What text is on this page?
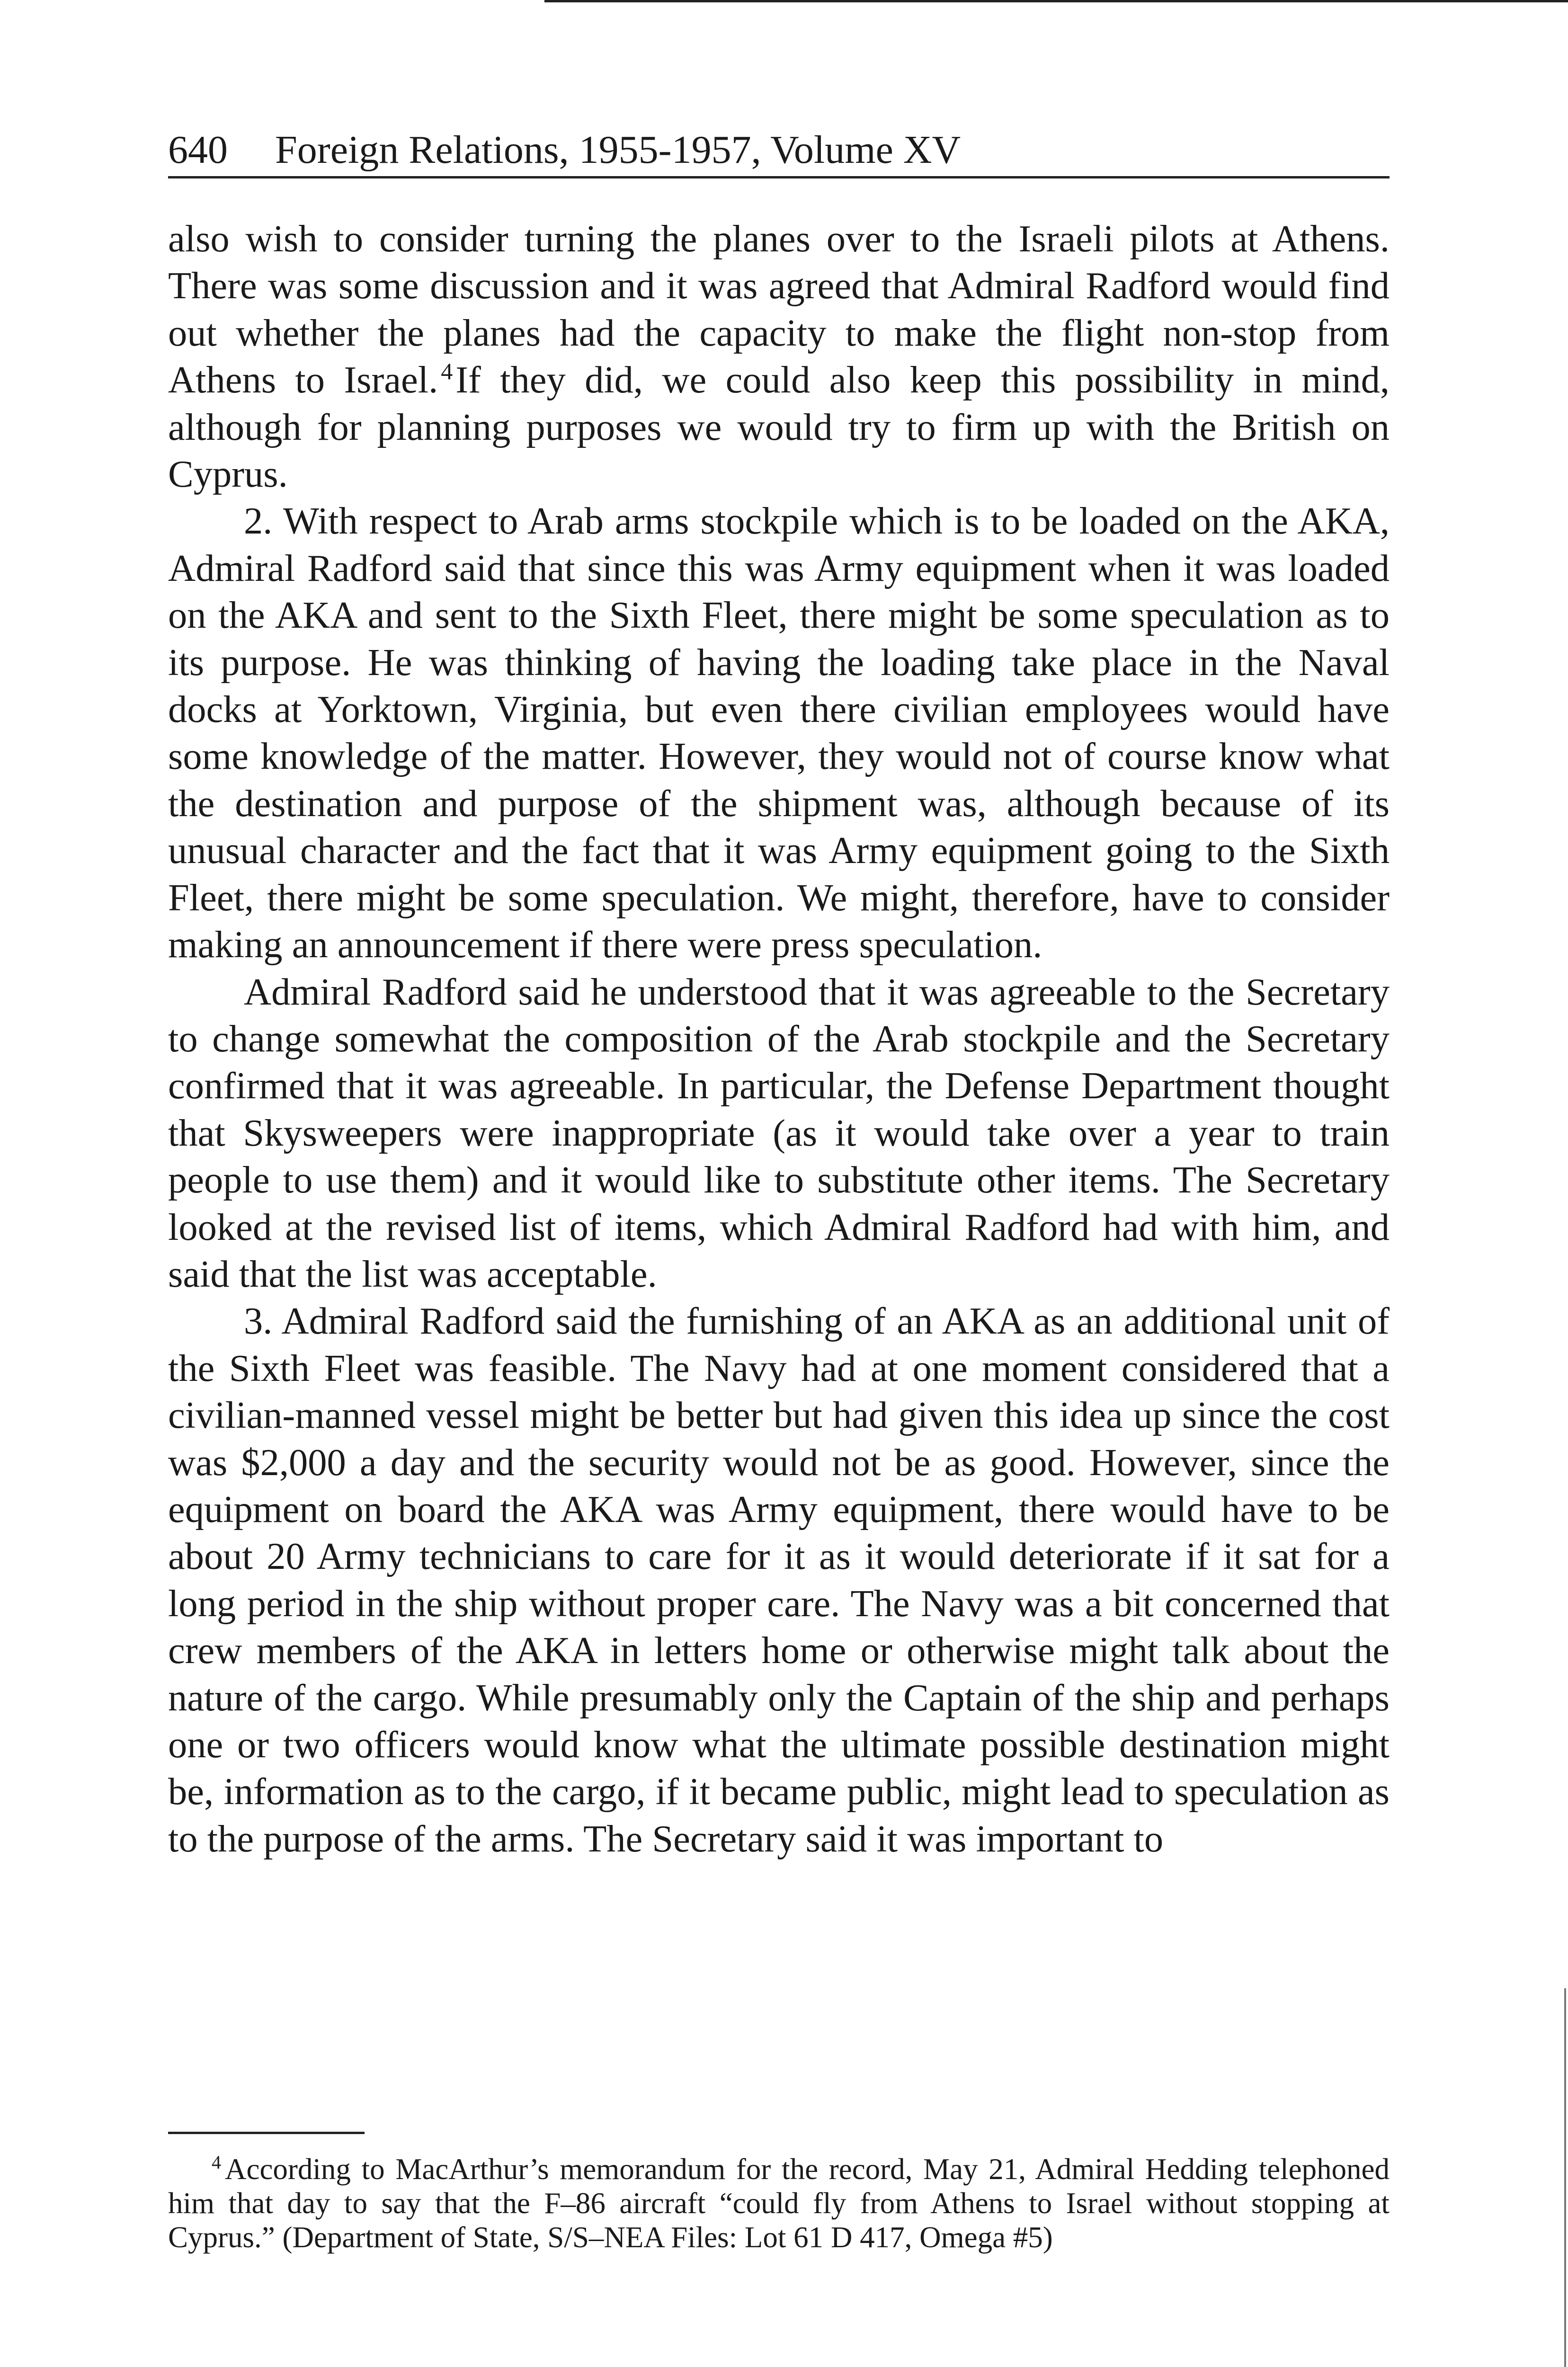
640 Foreign Relations, 1955-1957, Volume XV

also wish to consider turning the planes over to the Israeli pilots at Athens. There was some discussion and it was agreed that Admiral Radford would find out whether the planes had the capacity to make the flight non-stop from Athens to Israel. $^4$If they did, we could also keep this possibility in mind, although for planning purposes we would try to firm up with the British on Cyprus.

2. With respect to Arab arms stockpile which is to be loaded on the AKA, Admiral Radford said that since this was Army equipment when it was loaded on the AKA and sent to the Sixth Fleet, there might be some speculation as to its purpose. He was thinking of having the loading take place in the Naval docks at Yorktown, Virginia, but even there civilian employees would have some knowledge of the matter. However, they would not of course know what the destination and purpose of the shipment was, although because of its unusual character and the fact that it was Army equipment going to the Sixth Fleet, there might be some speculation. We might, therefore, have to consider making an announcement if there were press speculation.

Admiral Radford said he understood that it was agreeable to the Secretary to change somewhat the composition of the Arab stockpile and the Secretary confirmed that it was agreeable. In particular, the Defense Department thought that Skysweepers were inappropriate (as it would take over a year to train people to use them) and it would like to substitute other items. The Secretary looked at the revised list of items, which Admiral Radford had with him, and said that the list was acceptable.

3. Admiral Radford said the furnishing of an AKA as an additional unit of the Sixth Fleet was feasible. The Navy had at one moment considered that a civilian-manned vessel might be better but had given this idea up since the cost was $2,000 a day and the security would not be as good. However, since the equipment on board the AKA was Army equipment, there would have to be about 20 Army technicians to care for it as it would deteriorate if it sat for a long period in the ship without proper care. The Navy was a bit concerned that crew members of the AKA in letters home or otherwise might talk about the nature of the cargo. While presumably only the Captain of the ship and perhaps one or two officers would know what the ultimate possible destination might be, information as to the cargo, if it became public, might lead to speculation as to the purpose of the arms. The Secretary said it was important to

$^4$ According to MacArthur’s memorandum for the record, May 21, Admiral Hedding telephoned him that day to say that the F–86 aircraft “could fly from Athens to Israel without stopping at Cyprus.” (Department of State, S/S–NEA Files: Lot 61 D 417, Omega #5)
